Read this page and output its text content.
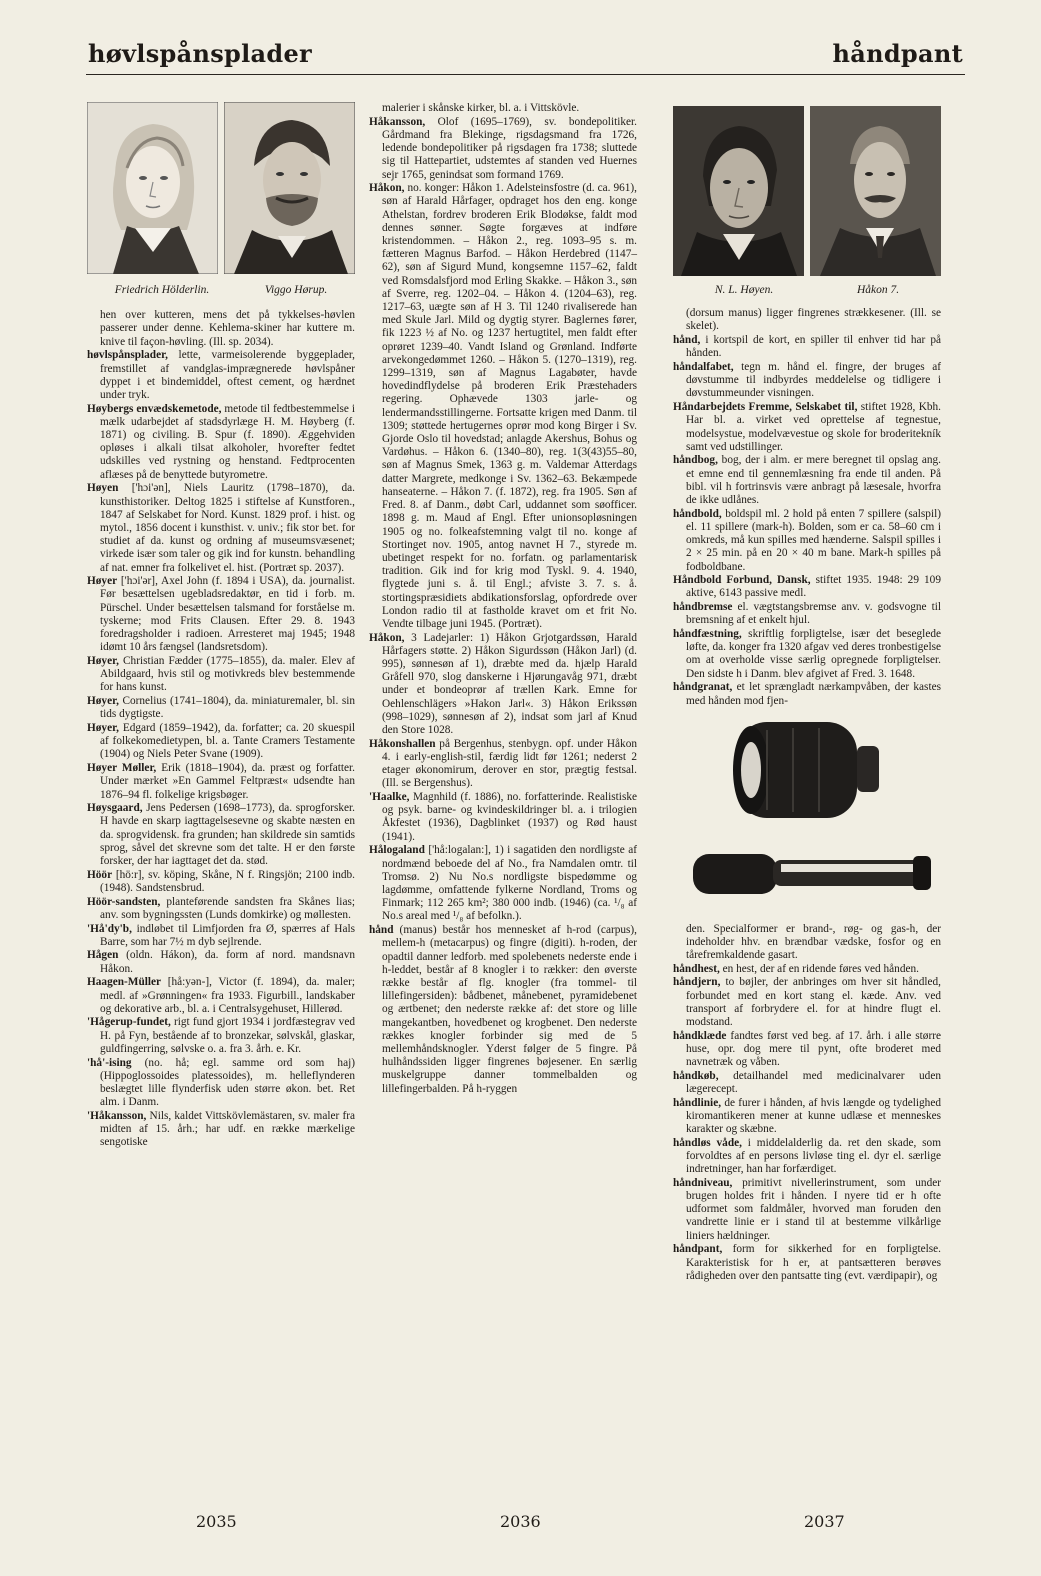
høvlspånsplader	håndpant
Friedrich Hölderlin.	Viggo Hørup.

hen over kutteren, mens det på tykkelses-høvlen passerer under denne. Kehlema-skiner har kuttere m. knive til façon-høvling. (Ill. sp. 2034).

høvlspånsplader, lette, varmeisolerende byggeplader, fremstillet af vandglas-imprægnerede høvlspåner dyppet i et bindemiddel, oftest cement, og hærdnet under tryk.

Høybergs envædskemetode, metode til fedtbestemmelse i mælk udarbejdet af stadsdyrlæge H. M. Høyberg (f. 1871) og civiling. B. Spur (f. 1890). Æggehviden opløses i alkali tilsat alkoholer, hvorefter fedtet udskilles ved rystning og henstand. Fedtprocenten aflæses på de benyttede butyrometre.

Høyen ['hɔi'ən], Niels Lauritz (1798–1870), da. kunsthistoriker. Deltog 1825 i stiftelse af Kunstforen., 1847 af Selskabet for Nord. Kunst. 1829 prof. i hist. og mytol., 1856 docent i kunsthist. v. univ.; fik stor bet. for studiet af da. kunst og ordning af museumsvæsenet; virkede især som taler og gik ind for kunstn. behandling af nat. emner fra folkelivet el. hist. (Portræt sp. 2037).

Høyer ['hɔi'ər], Axel John (f. 1894 i USA), da. journalist. Før besættelsen ugebladsredaktør, en tid i forb. m. Pürschel. Under besættelsen talsmand for forståelse m. tyskerne; mod Frits Clausen. Efter 29. 8. 1943 foredragsholder i radioen. Arresteret maj 1945; 1948 idømt 10 års fængsel (landsretsdom).

Høyer, Christian Fædder (1775–1855), da. maler. Elev af Abildgaard, hvis stil og motivkreds blev bestemmende for hans kunst.

Høyer, Cornelius (1741–1804), da. miniaturemaler, bl. sin tids dygtigste.

Høyer, Edgard (1859–1942), da. forfatter; ca. 20 skuespil af folkekomedietypen, bl. a. Tante Cramers Testamente (1904) og Niels Peter Svane (1909).

Høyer Møller, Erik (1818–1904), da. præst og forfatter. Under mærket »En Gammel Feltpræst« udsendte han 1876–94 fl. folkelige krigsbøger.

Høysgaard, Jens Pedersen (1698–1773), da. sprogforsker. H havde en skarp iagttagelsesevne og skabte næsten en da. sprogvidensk. fra grunden; han skildrede sin samtids sprog, såvel det skrevne som det talte. H er den første forsker, der har iagttaget det da. stød.

Höör [hö:r], sv. köping, Skåne, N f. Ringsjön; 2100 indb. (1948). Sandstensbrud.

Höör-sandsten, planteførende sandsten fra Skånes lias; anv. som bygningssten (Lunds domkirke) og møllesten.

'Hå'dy'b, indløbet til Limfjorden fra Ø, spærres af Hals Barre, som har 7½ m dyb sejlrende.

Hågen (oldn. Hákon), da. form af nord. mandsnavn Håkon.

Haagen-Müller [hå:yən-], Victor (f. 1894), da. maler; medl. af »Grønningen« fra 1933. Figurbill., landskaber og dekorative arb., bl. a. i Centralsygehuset, Hillerød.

'Hågerup-fundet, rigt fund gjort 1934 i jordfæstegrav ved H. på Fyn, bestående af to bronzekar, sølvskål, glaskar, guldfingerring, sølvske o. a. fra 3. årh. e. Kr.

'hå'-ising (no. hå; egl. samme ord som haj) (Hippoglossoides platessoides), m. helleflynderen beslægtet lille flynderfisk uden større økon. bet. Ret alm. i Danm.

'Håkansson, Nils, kaldet Vittskövlemästaren, sv. maler fra midten af 15. årh.; har udf. en række mærkelige sengotiske

malerier i skånske kirker, bl. a. i Vittskövle.

Håkansson, Olof (1695–1769), sv. bondepolitiker. Gårdmand fra Blekinge, rigsdagsmand fra 1726, ledende bondepolitiker på rigsdagen fra 1738; sluttede sig til Hattepartiet, udstemtes af standen ved Huernes sejr 1765, genindsat som formand 1769.

Håkon, no. konger: Håkon 1. Adelsteinsfostre (d. ca. 961), søn af Harald Hårfager, opdraget hos den eng. konge Athelstan, fordrev broderen Erik Blodøkse, faldt mod dennes sønner. Søgte forgæves at indføre kristendommen. – Håkon 2., reg. 1093–95 s. m. fætteren Magnus Barfod. – Håkon Herdebred (1147–62), søn af Sigurd Mund, kongsemne 1157–62, faldt ved Romsdalsfjord mod Erling Skakke. – Håkon 3., søn af Sverre, reg. 1202–04. – Håkon 4. (1204–63), reg. 1217–63, uægte søn af H 3. Til 1240 rivaliserede han med Skule Jarl. Mild og dygtig styrer. Baglernes fører, fik 1223 ½ af No. og 1237 hertugtitel, men faldt efter oprøret 1239–40. Vandt Island og Grønland. Indførte arvekongedømmet 1260. – Håkon 5. (1270–1319), reg. 1299–1319, søn af Magnus Lagabøter, havde hovedindflydelse på broderen Erik Præstehaders regering. Ophævede 1303 jarle- og lendermandsstillingerne. Fortsatte krigen med Danm. til 1309; støttede hertugernes oprør mod kong Birger i Sv. Gjorde Oslo til hovedstad; anlagde Akershus, Bohus og Vardøhus. – Håkon 6. (1340–80), reg. 1(3(43)55–80, søn af Magnus Smek, 1363 g. m. Valdemar Atterdags datter Margrete, medkonge i Sv. 1362–63. Bekæmpede hanseaterne. – Håkon 7. (f. 1872), reg. fra 1905. Søn af Fred. 8. af Danm., døbt Carl, uddannet som søofficer. 1898 g. m. Maud af Engl. Efter unionsopløsningen 1905 og no. folkeafstemning valgt til no. konge af Stortinget nov. 1905, antog navnet H 7., styrede m. ubetinget respekt for no. forfatn. og parlamentarisk tradition. Gik ind for krig mod Tyskl. 9. 4. 1940, flygtede juni s. å. til Engl.; afviste 3. 7. s. å. stortingspræsidiets abdikationsforslag, opfordrede over London radio til at fastholde kravet om et frit No. Vendte tilbage juni 1945. (Portræt).

Håkon, 3 Ladejarler: 1) Håkon Grjotgardssøn, Harald Hårfagers støtte. 2) Håkon Sigurdssøn (Håkon Jarl) (d. 995), sønnesøn af 1), dræbte med da. hjælp Harald Gråfell 970, slog danskerne i Hjørungavåg 971, dræbt under et bondeoprør af trællen Kark. Emne for Oehlenschlägers »Hakon Jarl«. 3) Håkon Erikssøn (998–1029), sønnesøn af 2), indsat som jarl af Knud den Store 1028.

Håkonshallen på Bergenhus, stenbygn. opf. under Håkon 4. i early-english-stil, færdig lidt før 1261; nederst 2 etager økonomirum, derover en stor, prægtig festsal. (Ill. se Bergenshus).

'Haalke, Magnhild (f. 1886), no. forfatterinde. Realistiske og psyk. barne- og kvindeskildringer bl. a. i trilogien Åkfestet (1936), Dagblinket (1937) og Rød haust (1941).

Hålogaland ['hå:logalan:], 1) i sagatiden den nordligste af nordmænd beboede del af No., fra Namdalen omtr. til Tromsø. 2) Nu No.s nordligste bispedømme og lagdømme, omfattende fylkerne Nordland, Troms og Finmark; 112 265 km²; 380 000 indb. (1946) (ca. ¹/₈ af No.s areal med ¹/₈ af befolkn.).

hånd (manus) består hos mennesket af h-rod (carpus), mellem-h (metacarpus) og fingre (digiti). h-roden, der opadtil danner ledforb. med spolebenets nederste ende i h-leddet, består af 8 knogler i to rækker: den øverste række består af flg. knogler (fra tommel- til lillefingersiden): bådbenet, månebenet, pyramidebenet og ærtbenet; den nederste række af: det store og lille mangekantben, hovedbenet og krogbenet. Den nederste rækkes knogler forbinder sig med de 5 mellemhåndsknogler. Yderst følger de 5 fingre. På hulhåndssiden ligger fingrenes bøjesener. En særlig muskelgruppe danner tommelbalden og lillefingerbalden. På h-ryggen

N. L. Høyen.	Håkon 7.

(dorsum manus) ligger fingrenes strækkesener. (Ill. se skelet).

hånd, i kortspil de kort, en spiller til enhver tid har på hånden.

håndalfabet, tegn m. hånd el. fingre, der bruges af døvstumme til indbyrdes meddelelse og tidligere i døvstummeunder visningen.

Håndarbejdets Fremme, Selskabet til, stiftet 1928, Kbh. Har bl. a. virket ved oprettelse af tegnestue, modelsystue, modelvævestue og skole for broderitekník samt ved udstillinger.

håndbog, bog, der i alm. er mere beregnet til opslag ang. et emne end til gennemlæsning fra ende til anden. På bibl. vil h fortrinsvis være anbragt på læsesale, hvorfra de ikke udlånes.

håndbold, boldspil ml. 2 hold på enten 7 spillere (salspil) el. 11 spillere (mark-h). Bolden, som er ca. 58–60 cm i omkreds, må kun spilles med hænderne. Salspil spilles i 2 × 25 min. på en 20 × 40 m bane. Mark-h spilles på fodboldbane.

Håndbold Forbund, Dansk, stiftet 1935. 1948: 29 109 aktive, 6143 passive medl.

håndbremse el. vægtstangsbremse anv. v. godsvogne til bremsning af et enkelt hjul.

håndfæstning, skriftlig forpligtelse, især det beseglede løfte, da. konger fra 1320 afgav ved deres tronbestigelse om at overholde visse særlig opregnede forpligtelser. Den sidste h i Danm. blev afgivet af Fred. 3. 1648.

håndgranat, et let sprængladt nærkampvåben, der kastes med hånden mod fjen-

den. Specialformer er brand-, røg- og gas-h, der indeholder hhv. en brændbar vædske, fosfor og en tårefremkaldende gasart.

håndhest, en hest, der af en ridende føres ved hånden.

håndjern, to bøjler, der anbringes om hver sit håndled, forbundet med en kort stang el. kæde. Anv. ved transport af forbrydere el. for at hindre flugt el. modstand.

håndklæde fandtes først ved beg. af 17. årh. i alle større huse, opr. dog mere til pynt, ofte broderet med navnetræk og våben.

håndkøb, detailhandel med medicinalvarer uden lægerecept.

håndlinie, de furer i hånden, af hvis længde og tydelighed kiromantikeren mener at kunne udlæse et menneskes karakter og skæbne.

håndløs våde, i middelalderlig da. ret den skade, som forvoldtes af en persons livløse ting el. dyr el. særlige indretninger, han har forfærdiget.

håndniveau, primitivt nivellerinstrument, som under brugen holdes frit i hånden. I nyere tid er h ofte udformet som faldmåler, hvorved man foruden den vandrette linie er i stand til at bestemme vilkårlige liniers hældninger.

håndpant, form for sikkerhed for en forpligtelse. Karakteristisk for h er, at pantsætteren berøves rådigheden over den pantsatte ting (evt. værdipapir), og

2035	2036	2037
